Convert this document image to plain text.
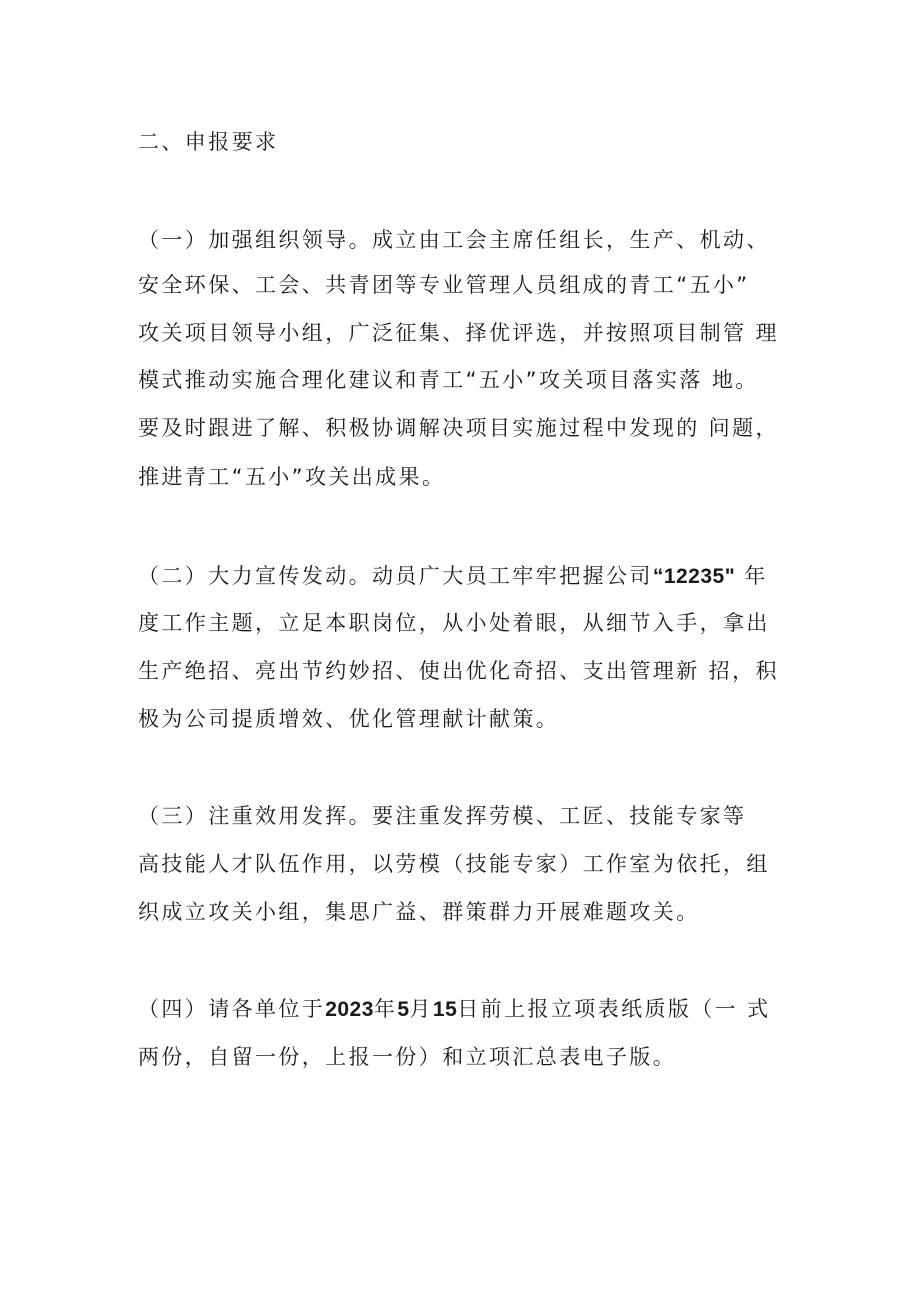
二、申报要求
（一）加强组织领导。成立由工会主席任组长，生产、机动、
安全环保、工会、共青团等专业管理人员组成的青工“五小”
攻关项目领导小组，广泛征集、择优评选，并按照项目制管 理
模式推动实施合理化建议和青工“五小”攻关项目落实落 地。
要及时跟进了解、积极协调解决项目实施过程中发现的 问题，
推进青工“五小”攻关出成果。
（二）大力宣传发动。动员广大员工牢牢把握公司“12235" 年
度工作主题，立足本职岗位，从小处着眼，从细节入手，拿出
生产绝招、亮出节约妙招、使出优化奇招、支出管理新 招，积
极为公司提质增效、优化管理献计献策。
（三）注重效用发挥。要注重发挥劳模、工匠、技能专家等
高技能人才队伍作用，以劳模（技能专家）工作室为依托，组
织成立攻关小组，集思广益、群策群力开展难题攻关。
（四）请各单位于2023年5月15日前上报立项表纸质版（一 式
两份，自留一份，上报一份）和立项汇总表电子版。
